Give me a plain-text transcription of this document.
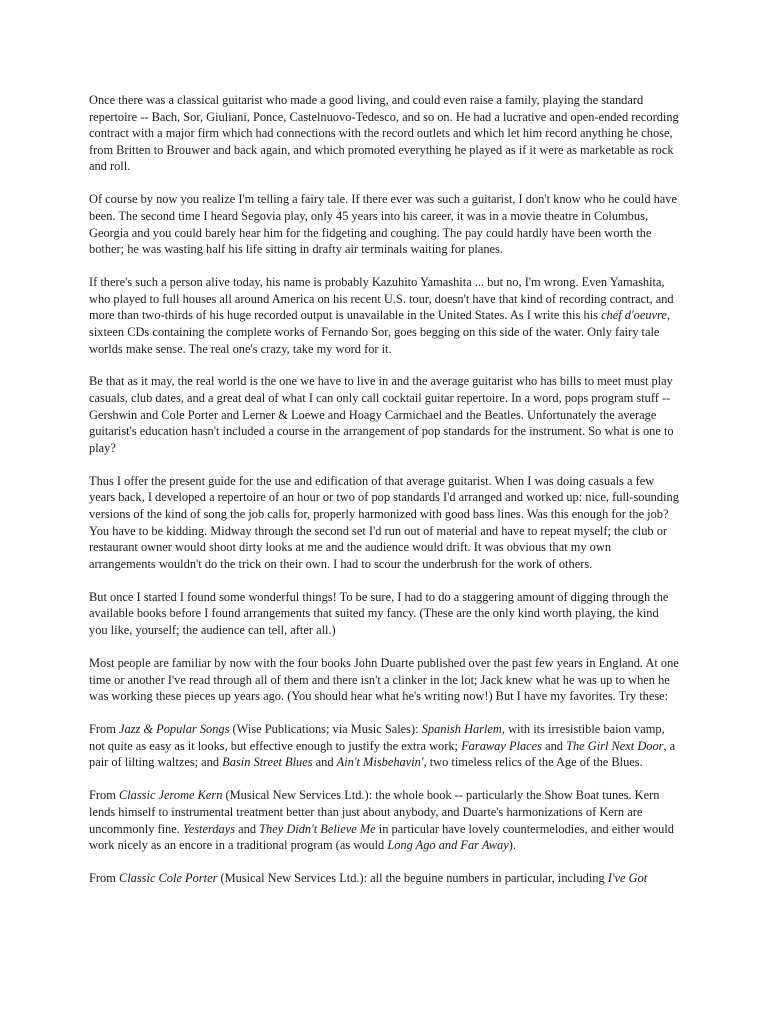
Once there was a classical guitarist who made a good living, and could even raise a family, playing the standard repertoire -- Bach, Sor, Giuliani, Ponce, Castelnuovo-Tedesco, and so on. He had a lucrative and open-ended recording contract with a major firm which had connections with the record outlets and which let him record anything he chose, from Britten to Brouwer and back again, and which promoted everything he played as if it were as marketable as rock and roll.

Of course by now you realize I'm telling a fairy tale. If there ever was such a guitarist, I don't know who he could have been. The second time I heard Segovia play, only 45 years into his career, it was in a movie theatre in Columbus, Georgia and you could barely hear him for the fidgeting and coughing. The pay could hardly have been worth the bother; he was wasting half his life sitting in drafty air terminals waiting for planes.

If there's such a person alive today, his name is probably Kazuhito Yamashita ... but no, I'm wrong. Even Yamashita, who played to full houses all around America on his recent U.S. tour, doesn't have that kind of recording contract, and more than two-thirds of his huge recorded output is unavailable in the United States. As I write this his chef d'oeuvre, sixteen CDs containing the complete works of Fernando Sor, goes begging on this side of the water. Only fairy tale worlds make sense. The real one's crazy, take my word for it.

Be that as it may, the real world is the one we have to live in and the average guitarist who has bills to meet must play casuals, club dates, and a great deal of what I can only call cocktail guitar repertoire. In a word, pops program stuff -- Gershwin and Cole Porter and Lerner & Loewe and Hoagy Carmichael and the Beatles. Unfortunately the average guitarist's education hasn't included a course in the arrangement of pop standards for the instrument. So what is one to play?

Thus I offer the present guide for the use and edification of that average guitarist. When I was doing casuals a few years back, I developed a repertoire of an hour or two of pop standards I'd arranged and worked up: nice, full-sounding versions of the kind of song the job calls for, properly harmonized with good bass lines. Was this enough for the job? You have to be kidding. Midway through the second set I'd run out of material and have to repeat myself; the club or restaurant owner would shoot dirty looks at me and the audience would drift. It was obvious that my own arrangements wouldn't do the trick on their own. I had to scour the underbrush for the work of others.

But once I started I found some wonderful things! To be sure, I had to do a staggering amount of digging through the available books before I found arrangements that suited my fancy. (These are the only kind worth playing, the kind you like, yourself; the audience can tell, after all.)

Most people are familiar by now with the four books John Duarte published over the past few years in England. At one time or another I've read through all of them and there isn't a clinker in the lot; Jack knew what he was up to when he was working these pieces up years ago. (You should hear what he's writing now!) But I have my favorites. Try these:

From Jazz & Popular Songs (Wise Publications; via Music Sales): Spanish Harlem, with its irresistible baion vamp, not quite as easy as it looks, but effective enough to justify the extra work; Faraway Places and The Girl Next Door, a pair of lilting waltzes; and Basin Street Blues and Ain't Misbehavin', two timeless relics of the Age of the Blues.

From Classic Jerome Kern (Musical New Services Ltd.): the whole book -- particularly the Show Boat tunes. Kern lends himself to instrumental treatment better than just about anybody, and Duarte's harmonizations of Kern are uncommonly fine. Yesterdays and They Didn't Believe Me in particular have lovely countermelodies, and either would work nicely as an encore in a traditional program (as would Long Ago and Far Away).

From Classic Cole Porter (Musical New Services Ltd.): all the beguine numbers in particular, including I've Got
